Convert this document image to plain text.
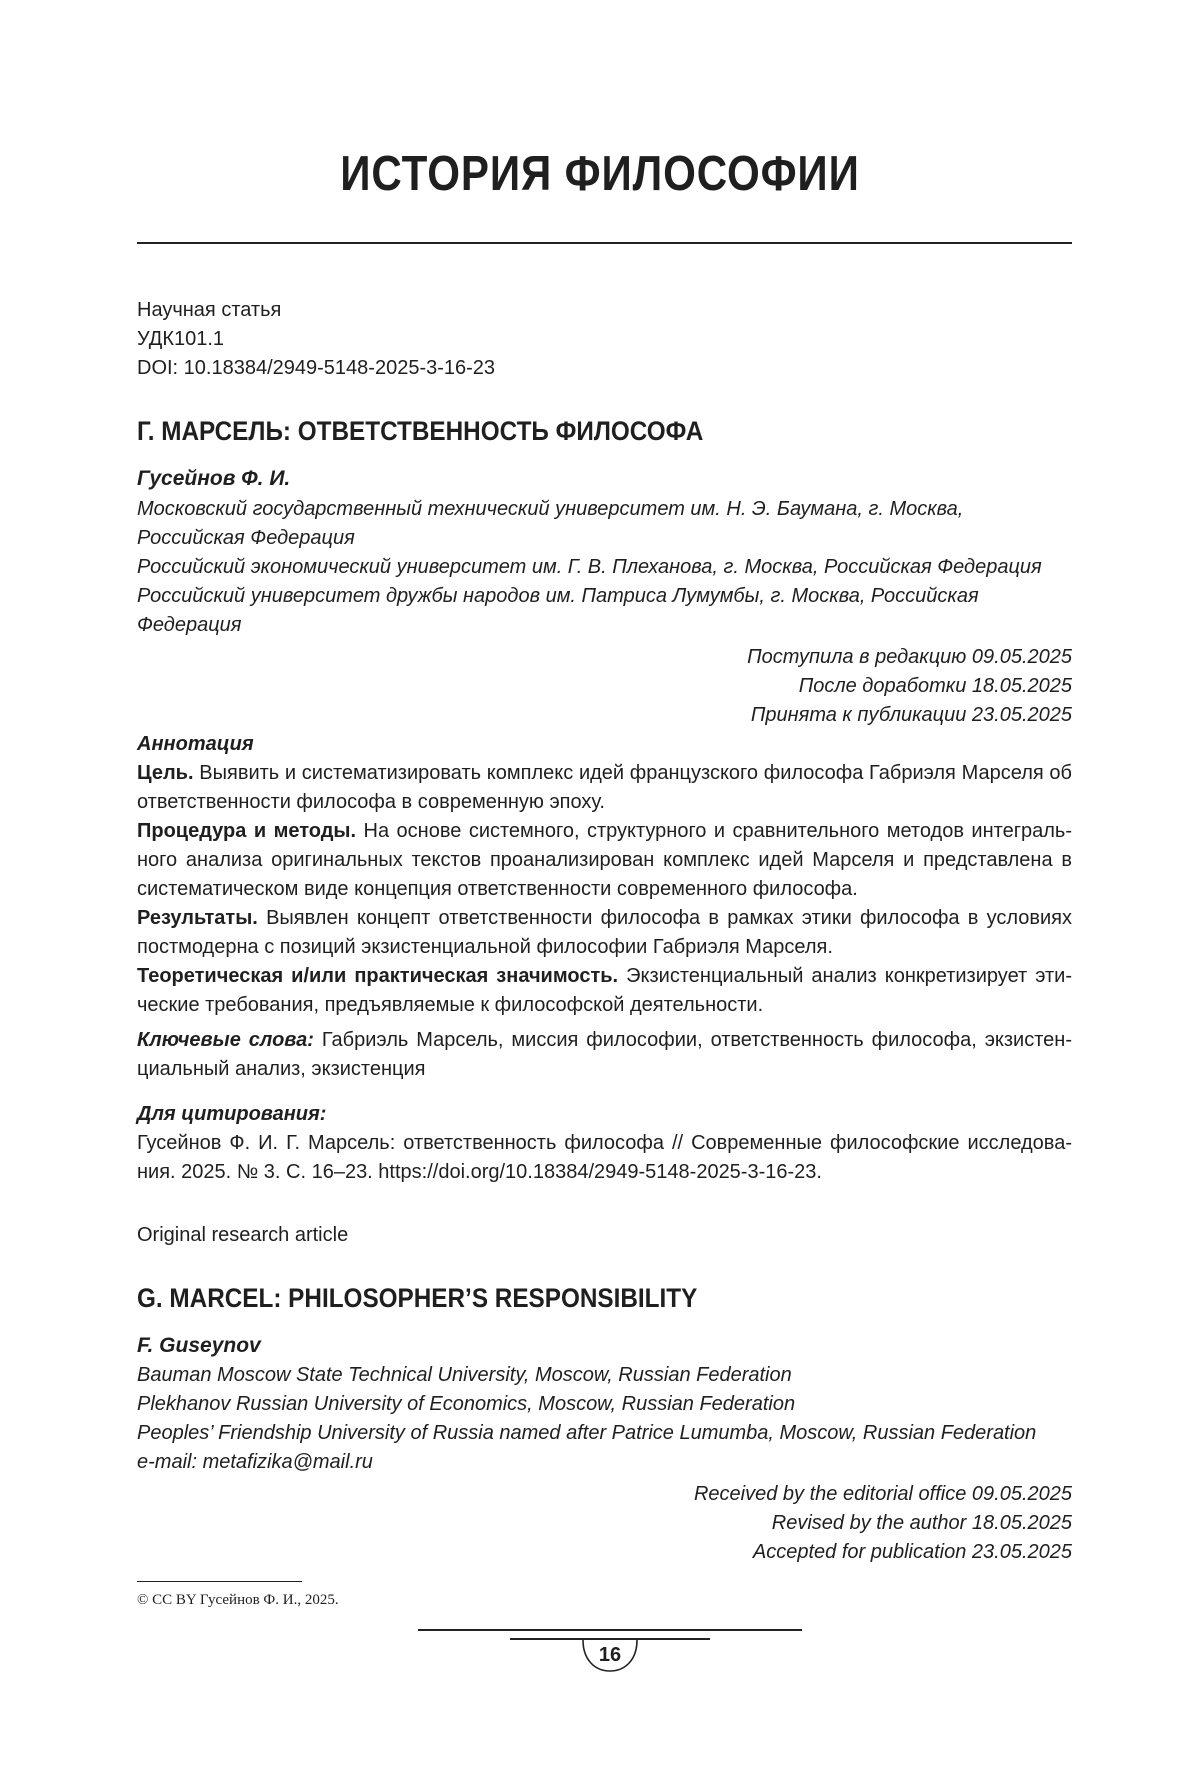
ИСТОРИЯ ФИЛОСОФИИ
Научная статья
УДК101.1
DOI: 10.18384/2949-5148-2025-3-16-23
Г. МАРСЕЛЬ: ОТВЕТСТВЕННОСТЬ ФИЛОСОФА
Гусейнов Ф. И.
Московский государственный технический университет им. Н. Э. Баумана, г. Москва, Российская Федерация
Российский экономический университет им. Г. В. Плеханова, г. Москва, Российская Федерация
Российский университет дружбы народов им. Патриса Лумумбы, г. Москва, Российская Федерация
Поступила в редакцию 09.05.2025
После доработки 18.05.2025
Принята к публикации 23.05.2025

Аннотация

Цель. Выявить и систематизировать комплекс идей французского философа Габриэля Марселя об ответственности философа в современную эпоху.

Процедура и методы. На основе системного, структурного и сравнительного методов интегрального анализа оригинальных текстов проанализирован комплекс идей Марселя и представлена в систематическом виде концепция ответственности современного философа.

Результаты. Выявлен концепт ответственности философа в рамках этики философа в условиях постмодерна с позиций экзистенциальной философии Габриэля Марселя.

Теоретическая и/или практическая значимость. Экзистенциальный анализ конкретизирует этические требования, предъявляемые к философской деятельности.

Ключевые слова: Габриэль Марсель, миссия философии, ответственность философа, экзистенциальный анализ, экзистенция

Для цитирования:

Гусейнов Ф. И. Г. Марсель: ответственность философа // Современные философские исследования. 2025. № 3. С. 16–23. https://doi.org/10.18384/2949-5148-2025-3-16-23.

Original research article
G. MARCEL: PHILOSOPHER’S RESPONSIBILITY
F. Guseynov
Bauman Moscow State Technical University, Moscow, Russian Federation
Plekhanov Russian University of Economics, Moscow, Russian Federation
Peoples’ Friendship University of Russia named after Patrice Lumumba, Moscow, Russian Federation
e-mail: metafizika@mail.ru
Received by the editorial office 09.05.2025
Revised by the author 18.05.2025
Accepted for publication 23.05.2025
© CC BY Гусейнов Ф. И., 2025.
16
